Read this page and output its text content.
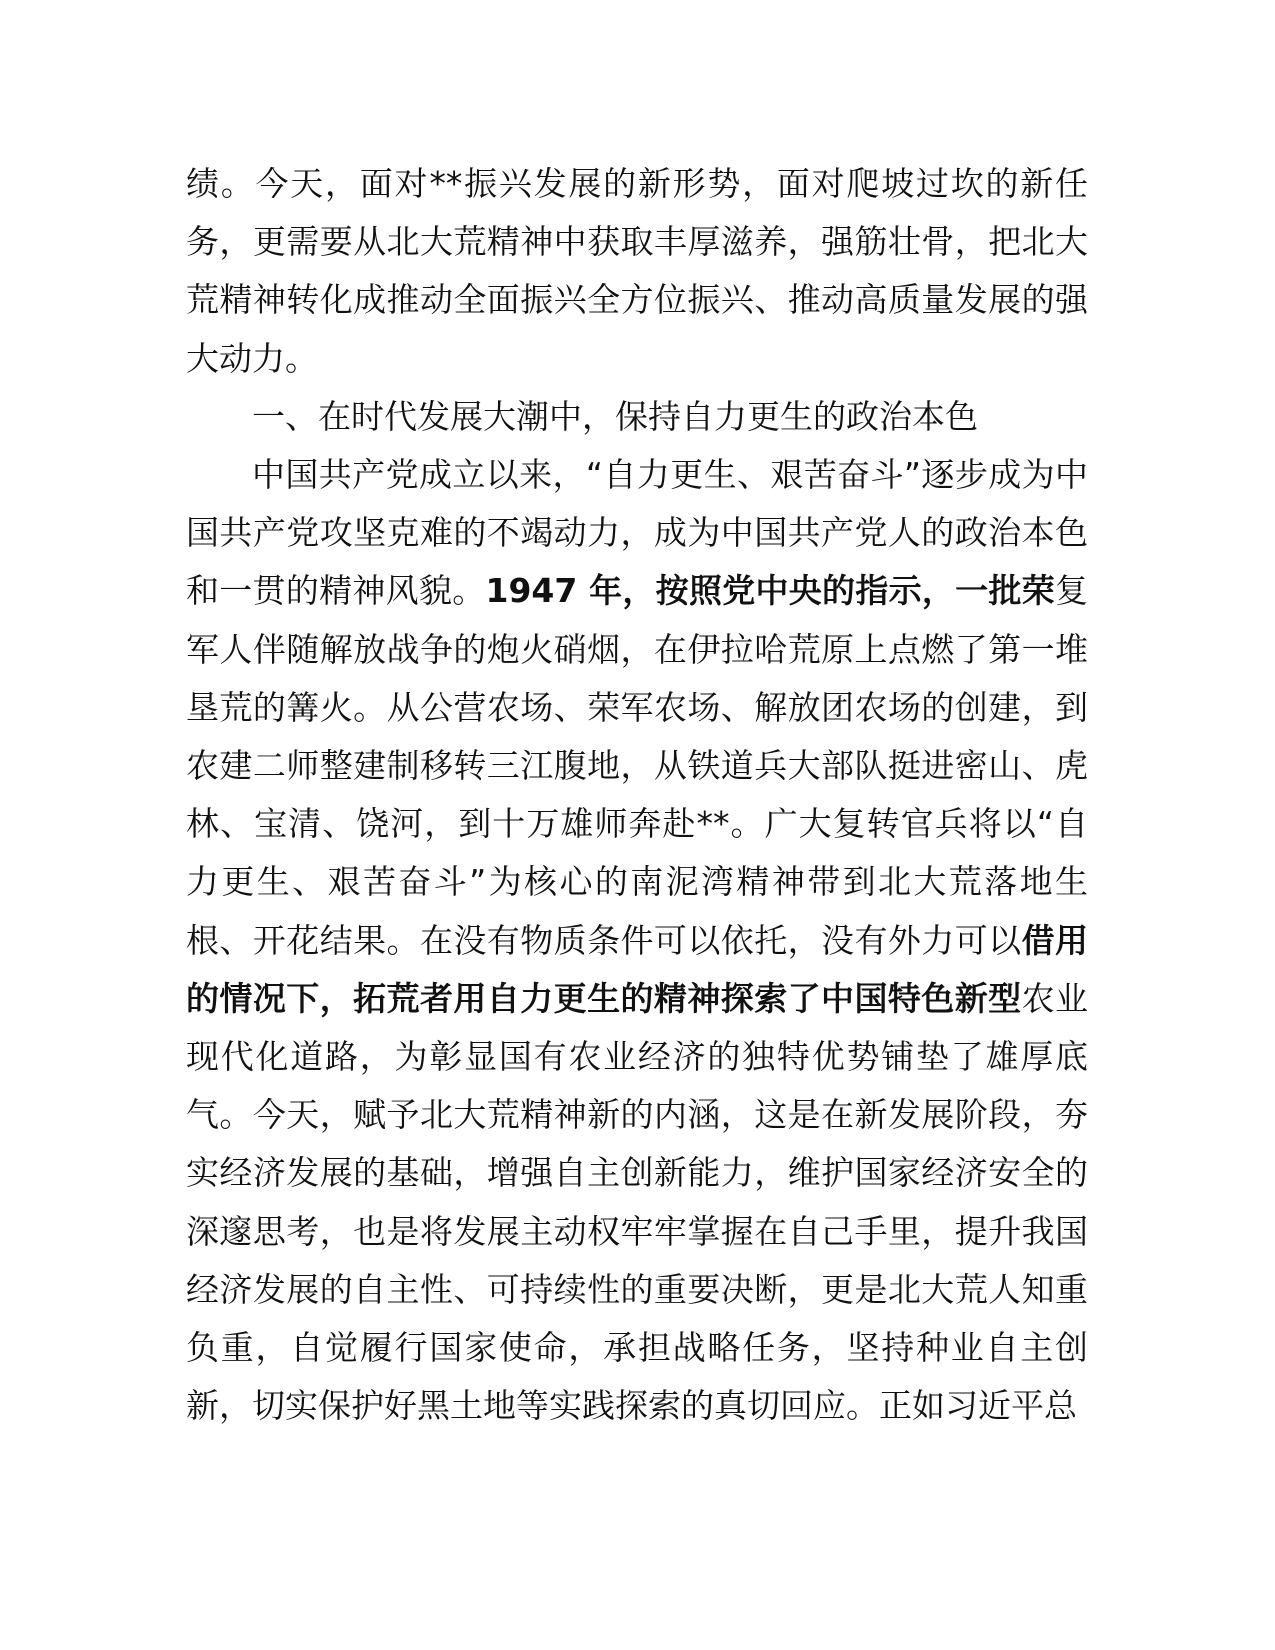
绩。今天，面对**振兴发展的新形势，面对爬坡过坎的新任务，更需要从北大荒精神中获取丰厚滋养，强筋壮骨，把北大荒精神转化成推动全面振兴全方位振兴、推动高质量发展的强大动力。

一、在时代发展大潮中，保持自力更生的政治本色

中国共产党成立以来，“自力更生、艰苦奋斗”逐步成为中国共产党攻坚克难的不竭动力，成为中国共产党人的政治本色和一贯的精神风貌。1947 年，按照党中央的指示，一批荣复军人伴随解放战争的炮火硝烟，在伊拉哈荒原上点燃了第一堆垦荒的篝火。从公营农场、荣军农场、解放团农场的创建，到农建二师整建制移转三江腹地，从铁道兵大部队挺进密山、虎林、宝清、饶河，到十万雄师奔赴**。广大复转官兵将以“自力更生、艰苦奋斗”为核心的南泥湾精神带到北大荒落地生根、开花结果。在没有物质条件可以依托，没有外力可以借用的情况下，拓荒者用自力更生的精神探索了中国特色新型农业现代化道路，为彰显国有农业经济的独特优势铺垫了雄厚底气。今天，赋予北大荒精神新的内涵，这是在新发展阶段，夯实经济发展的基础，增强自主创新能力，维护国家经济安全的深邃思考，也是将发展主动权牢牢掌握在自己手里，提升我国经济发展的自主性、可持续性的重要决断，更是北大荒人知重负重，自觉履行国家使命，承担战略任务，坚持种业自主创新，切实保护好黑土地等实践探索的真切回应。正如习近平总
